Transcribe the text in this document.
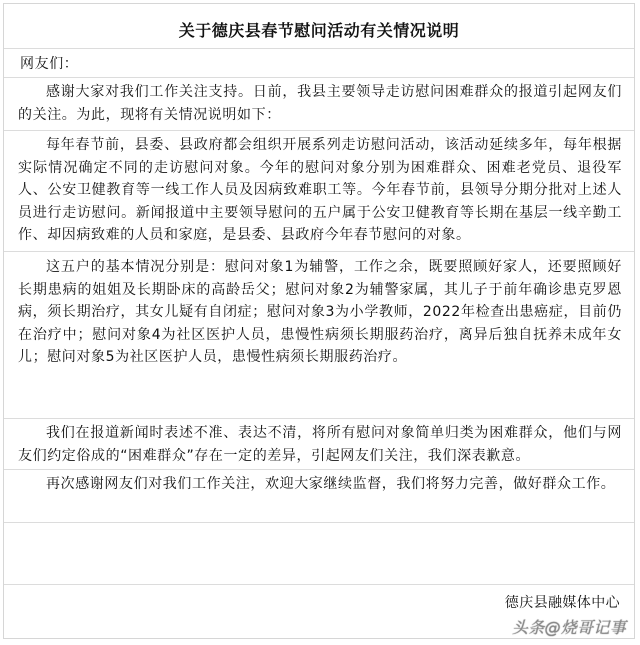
关于德庆县春节慰问活动有关情况说明

网友们：

感谢大家对我们工作关注支持。日前，我县主要领导走访慰问困难群众的报道引起网友们的关注。为此，现将有关情况说明如下：

每年春节前，县委、县政府都会组织开展系列走访慰问活动，该活动延续多年，每年根据实际情况确定不同的走访慰问对象。今年的慰问对象分别为困难群众、困难老党员、退役军人、公安卫健教育等一线工作人员及因病致难职工等。今年春节前，县领导分期分批对上述人员进行走访慰问。新闻报道中主要领导慰问的五户属于公安卫健教育等长期在基层一线辛勤工作、却因病致难的人员和家庭，是县委、县政府今年春节慰问的对象。

这五户的基本情况分别是：慰问对象1为辅警，工作之余，既要照顾好家人，还要照顾好长期患病的姐姐及长期卧床的高龄岳父；慰问对象2为辅警家属，其儿子于前年确诊患克罗恩病，须长期治疗，其女儿疑有自闭症；慰问对象3为小学教师，2022年检查出患癌症，目前仍在治疗中；慰问对象4为社区医护人员，患慢性病须长期服药治疗，离异后独自抚养未成年女儿；慰问对象5为社区医护人员，患慢性病须长期服药治疗。

我们在报道新闻时表述不准、表达不清，将所有慰问对象简单归类为困难群众，他们与网友们约定俗成的“困难群众”存在一定的差异，引起网友们关注，我们深表歉意。

再次感谢网友们对我们工作关注，欢迎大家继续监督，我们将努力完善，做好群众工作。

德庆县融媒体中心
头条@烧哥记事
